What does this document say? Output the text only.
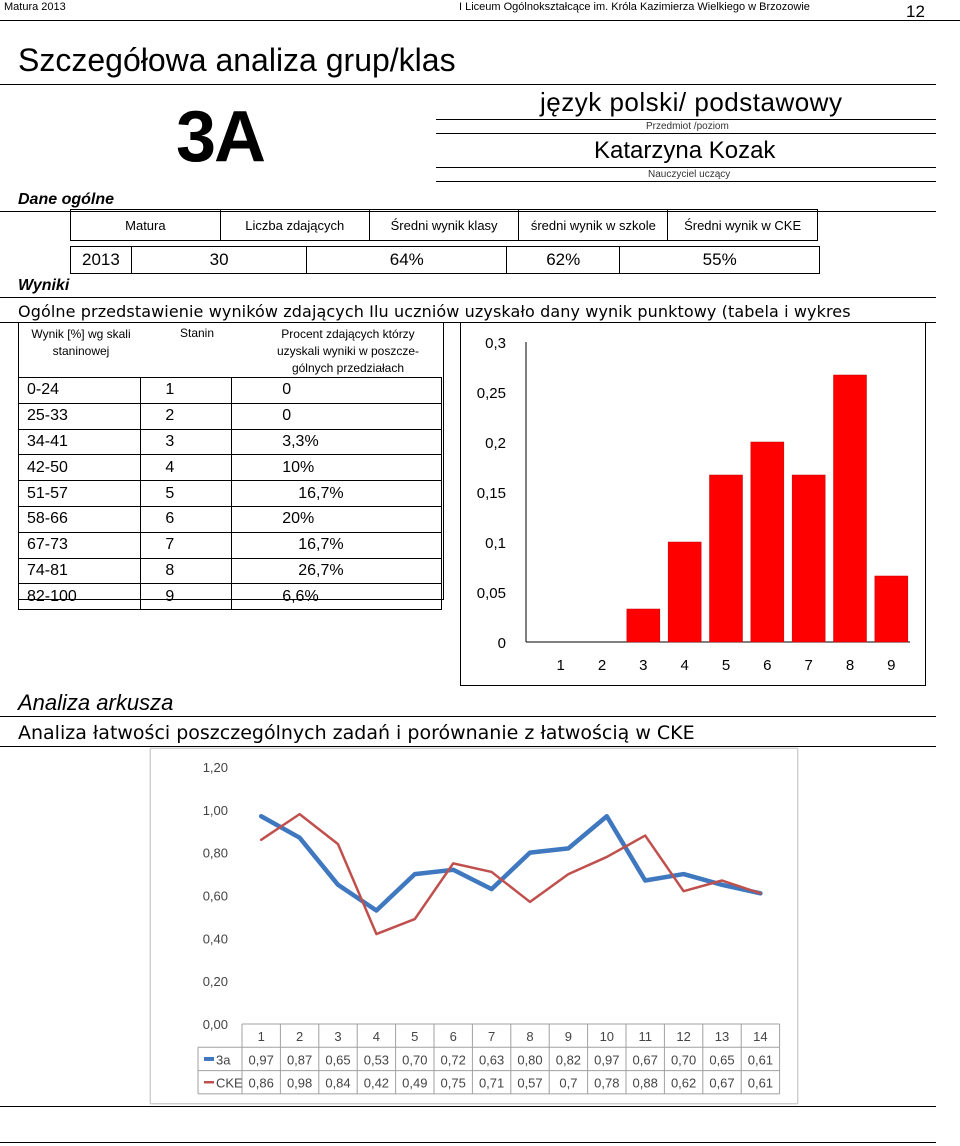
Matura 2013	I Liceum Ogólnokształcące im. Króla Kazimierza Wielkiego w Brzozowie	12
Szczegółowa analiza grup/klas
3A	język polski/ podstawowy
Przedmiot /poziom
Katarzyna Kozak
Nauczyciel uczący
Dane ogólne
Matura	Liczba zdających	Średni wynik klasy	średni wynik w szkole	Średni wynik w CKE
2013	30	64%	62%	55%
Wyniki
Ogólne przedstawienie wyników zdających Ilu uczniów uzyskało dany wynik punktowy (tabela i wykres
Wynik [%] wg skali staninowej
Stanin	Procent zdających którzy uzyskali wyniki w poszcze- gólnych przedziałach
0-24	1	0
25-33	2	0
34-41	3	3,3%
42-50	4	10%
51-57	5	16,7%
58-66	6	20%
67-73	7	16,7%
74-81	8	26,7%
82-100	9	6,6%
0
0,05
0,1
0,15
0,2
0,25
0,3
1 2 3 4 5 6 7 8 9
Analiza arkusza
Analiza łatwości poszczególnych zadań i porównanie z łatwością w CKE
0,00
0,20
0,40
0,60
0,80
1,00
1,20
1 2 3 4 5 6 7 8 9 10 11 12 13 14
3a 0,97 0,87 0,65 0,53 0,70 0,72 0,63 0,80 0,82 0,97 0,67 0,70 0,65 0,61
CKE 0,86 0,98 0,84 0,42 0,49 0,75 0,71 0,57 0,7 0,78 0,88 0,62 0,67 0,61
